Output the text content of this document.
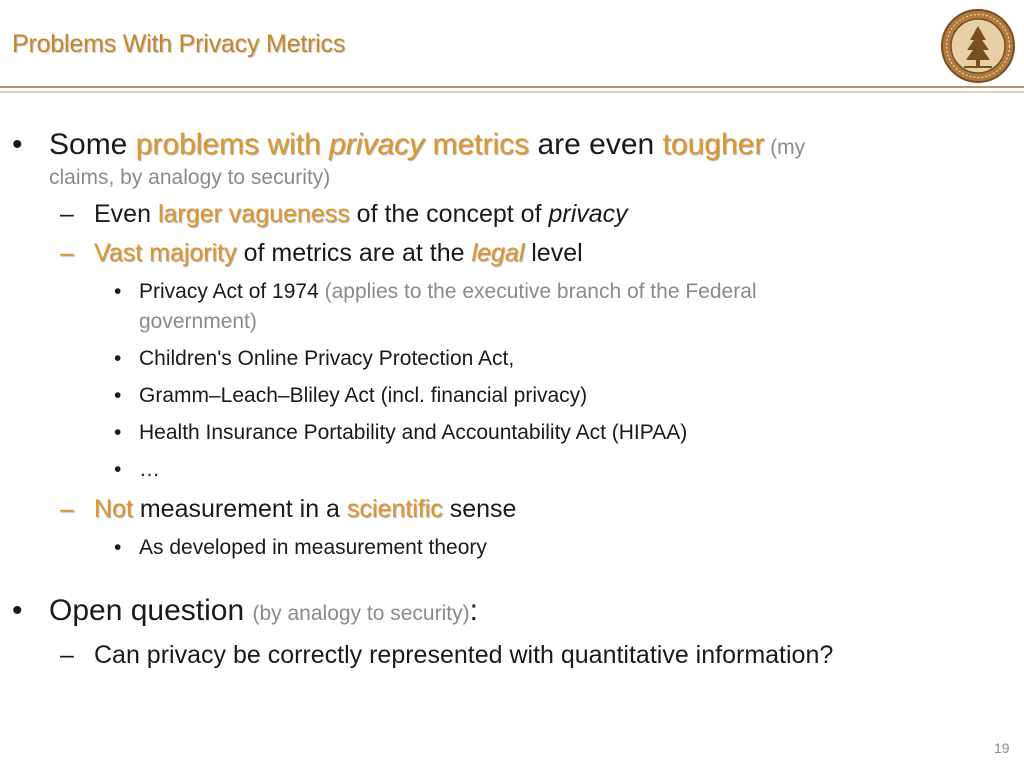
Problems With Privacy Metrics
• Some problems with privacy metrics are even tougher (my
claims, by analogy to security)
– Even larger vagueness of the concept of privacy
– Vast majority of metrics are at the legal level
• Privacy Act of 1974 (applies to the executive branch of the Federal
government)
• Children's Online Privacy Protection Act,
• Gramm–Leach–Bliley Act (incl. financial privacy)
• Health Insurance Portability and Accountability Act (HIPAA)
• …
– Not measurement in a scientific sense
• As developed in measurement theory
• Open question (by analogy to security):
– Can privacy be correctly represented with quantitative information?
19
